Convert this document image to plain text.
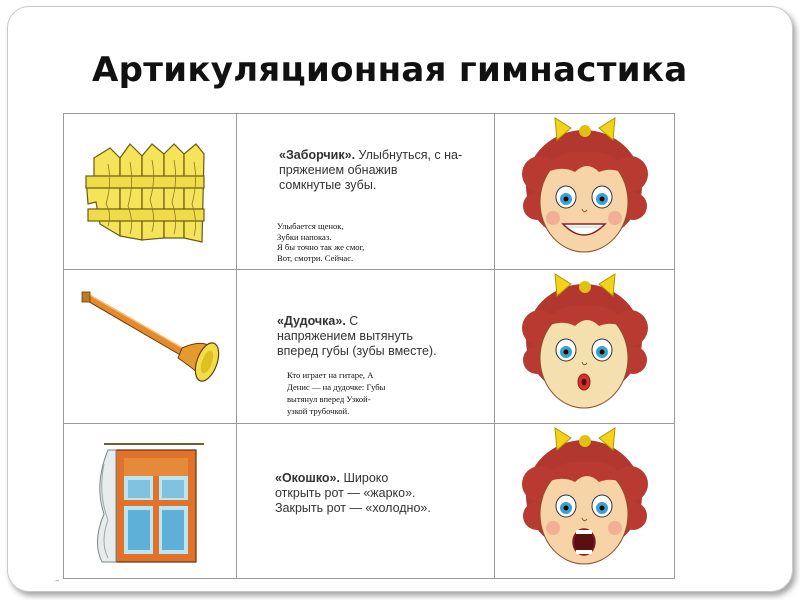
Артикуляционная гимнастика
«Заборчик». Улыбнуться, с на-
пряжением обнажив
сомкнутые зубы.
Улыбается щенок,
Зубки напоказ.
Я бы точно так же смог,
Вот, смотри. Сейчас.
«Дудочка». С
напряжением вытянуть
вперед губы (зубы вместе).
Кто играет на гитаре, А
Денис — на дудочке: Губы
вытянул вперед Узкой-
узкой трубочкой.
«Окошко». Широко
открыть рот — «жарко».
Закрыть рот — «холодно».
–
